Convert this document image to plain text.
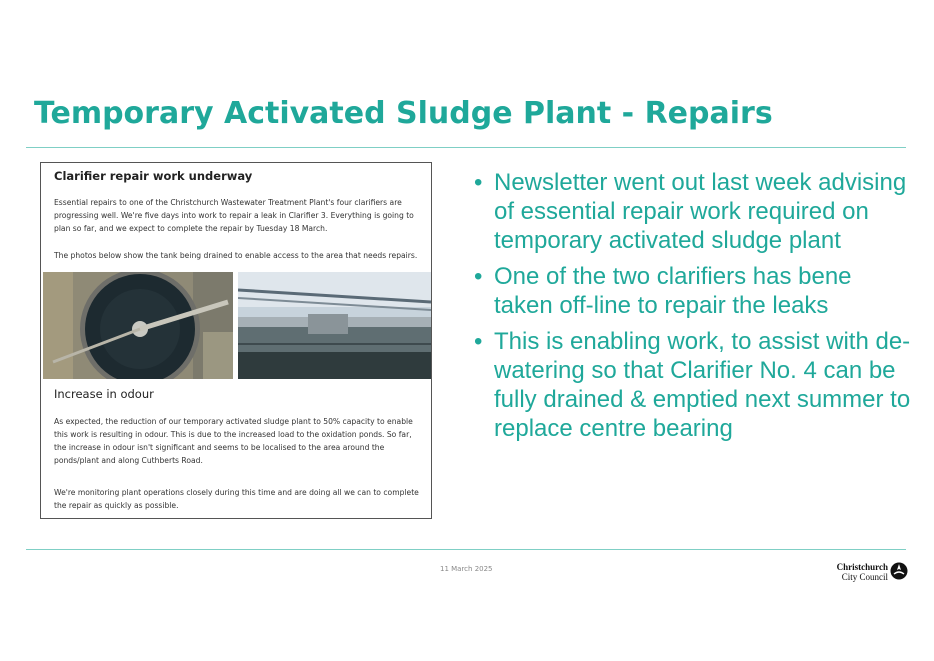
Temporary Activated Sludge Plant - Repairs
Clarifier repair work underway

Essential repairs to one of the Christchurch Wastewater Treatment Plant's four clarifiers are progressing well. We're five days into work to repair a leak in Clarifier 3. Everything is going to plan so far, and we expect to complete the repair by Tuesday 18 March.

The photos below show the tank being drained to enable access to the area that needs repairs.

Increase in odour

As expected, the reduction of our temporary activated sludge plant to 50% capacity to enable this work is resulting in odour. This is due to the increased load to the oxidation ponds. So far, the increase in odour isn't significant and seems to be localised to the area around the ponds/plant and along Cuthberts Road.

We're monitoring plant operations closely during this time and are doing all we can to complete the repair as quickly as possible.

• Newsletter went out last week advising of essential repair work required on temporary activated sludge plant
• One of the two clarifiers has bene taken off-line to repair the leaks
• This is enabling work, to assist with de-watering so that Clarifier No. 4 can be fully drained & emptied next summer to replace centre bearing
11 March 2025	Christchurch
City Council
